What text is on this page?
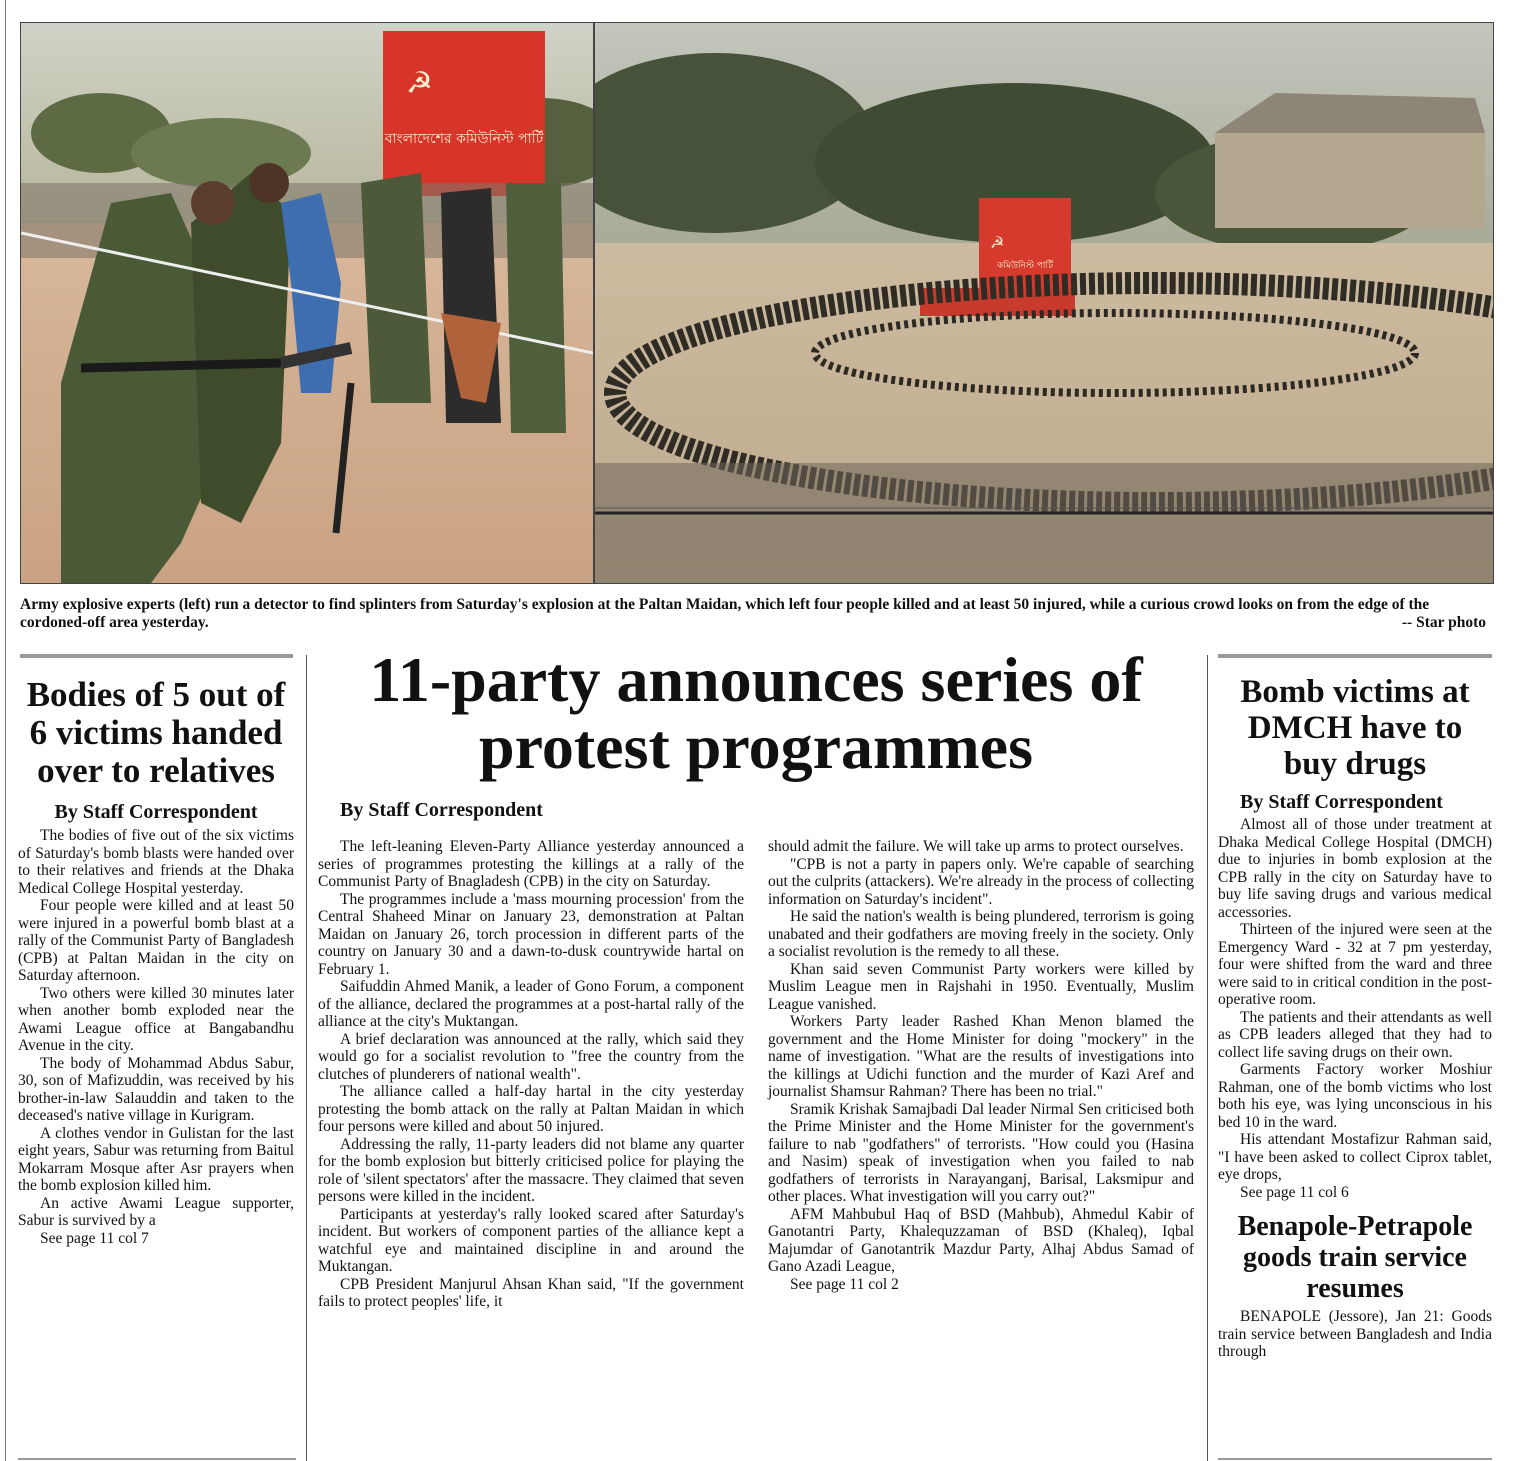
বাংলাদেশের কমিউনিস্ট পার্টি
☭
কমিউনিস্ট পার্টি
☭
Army explosive experts (left) run a detector to find splinters from Saturday's explosion at the Paltan Maidan, which left four people killed and at least 50 injured, while a curious crowd looks on from the edge of the cordoned-off area yesterday.	-- Star photo
Bodies of 5 out of 6 victims handed over to relatives

By Staff Correspondent

The bodies of five out of the six victims of Saturday's bomb blasts were handed over to their relatives and friends at the Dhaka Medical College Hospital yesterday.

Four people were killed and at least 50 were injured in a powerful bomb blast at a rally of the Communist Party of Bangladesh (CPB) at Paltan Maidan in the city on Saturday afternoon.

Two others were killed 30 minutes later when another bomb exploded near the Awami League office at Bangabandhu Avenue in the city.

The body of Mohammad Abdus Sabur, 30, son of Mafizuddin, was received by his brother-in-law Salauddin and taken to the deceased's native village in Kurigram.

A clothes vendor in Gulistan for the last eight years, Sabur was returning from Baitul Mokarram Mosque after Asr prayers when the bomb explosion killed him.

An active Awami League supporter, Sabur is survived by a

See page 11 col 7

11-party announces series of protest programmes

By Staff Correspondent

The left-leaning Eleven-Party Alliance yesterday announced a series of programmes protesting the killings at a rally of the Communist Party of Bnagladesh (CPB) in the city on Saturday.

The programmes include a 'mass mourning procession' from the Central Shaheed Minar on January 23, demonstration at Paltan Maidan on January 26, torch procession in different parts of the country on January 30 and a dawn-to-dusk countrywide hartal on February 1.

Saifuddin Ahmed Manik, a leader of Gono Forum, a component of the alliance, declared the programmes at a post-hartal rally of the alliance at the city's Muktangan.

A brief declaration was announced at the rally, which said they would go for a socialist revolution to "free the country from the clutches of plunderers of national wealth".

The alliance called a half-day hartal in the city yesterday protesting the bomb attack on the rally at Paltan Maidan in which four persons were killed and about 50 injured.

Addressing the rally, 11-party leaders did not blame any quarter for the bomb explosion but bitterly criticised police for playing the role of 'silent spectators' after the massacre. They claimed that seven persons were killed in the incident.

Participants at yesterday's rally looked scared after Saturday's incident. But workers of component parties of the alliance kept a watchful eye and maintained discipline in and around the Muktangan.

CPB President Manjurul Ahsan Khan said, "If the government fails to protect peoples' life, it

should admit the failure. We will take up arms to protect ourselves.

"CPB is not a party in papers only. We're capable of searching out the culprits (attackers). We're already in the process of collecting information on Saturday's incident".

He said the nation's wealth is being plundered, terrorism is going unabated and their godfathers are moving freely in the society. Only a socialist revolution is the remedy to all these.

Khan said seven Communist Party workers were killed by Muslim League men in Rajshahi in 1950. Eventually, Muslim League vanished.

Workers Party leader Rashed Khan Menon blamed the government and the Home Minister for doing "mockery" in the name of investigation. "What are the results of investigations into the killings at Udichi function and the murder of Kazi Aref and journalist Shamsur Rahman? There has been no trial."

Sramik Krishak Samajbadi Dal leader Nirmal Sen criticised both the Prime Minister and the Home Minister for the government's failure to nab "godfathers" of terrorists. "How could you (Hasina and Nasim) speak of investigation when you failed to nab godfathers of terrorists in Narayanganj, Barisal, Laksmipur and other places. What investigation will you carry out?"

AFM Mahbubul Haq of BSD (Mahbub), Ahmedul Kabir of Ganotantri Party, Khalequzzaman of BSD (Khaleq), Iqbal Majumdar of Ganotantrik Mazdur Party, Alhaj Abdus Samad of Gano Azadi League,

See page 11 col 2

Bomb victims at DMCH have to buy drugs

By Staff Correspondent

Almost all of those under treatment at Dhaka Medical College Hospital (DMCH) due to injuries in bomb explosion at the CPB rally in the city on Saturday have to buy life saving drugs and various medical accessories.

Thirteen of the injured were seen at the Emergency Ward - 32 at 7 pm yesterday, four were shifted from the ward and three were said to in critical condition in the post-operative room.

The patients and their attendants as well as CPB leaders alleged that they had to collect life saving drugs on their own.

Garments Factory worker Moshiur Rahman, one of the bomb victims who lost both his eye, was lying unconscious in his bed 10 in the ward.

His attendant Mostafizur Rahman said, "I have been asked to collect Ciprox tablet, eye drops,

See page 11 col 6

Benapole-Petrapole goods train service resumes

BENAPOLE (Jessore), Jan 21: Goods train service between Bangladesh and India through
